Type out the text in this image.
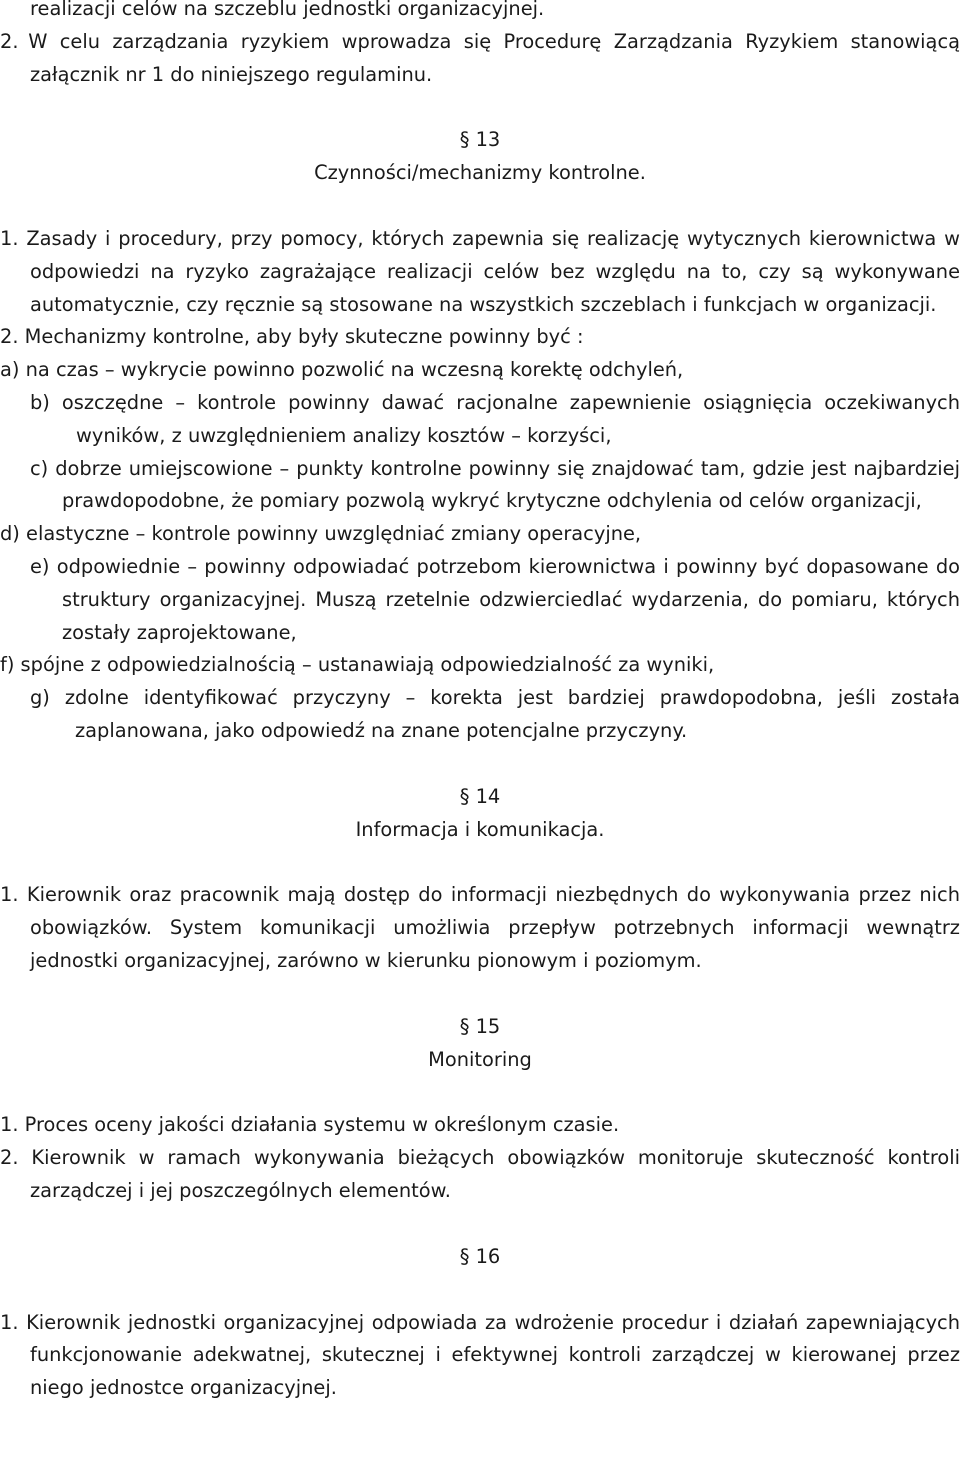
realizacji celów na szczeblu jednostki organizacyjnej.

2. W celu zarządzania ryzykiem wprowadza się Procedurę Zarządzania Ryzykiem stanowiącą załącznik nr 1 do niniejszego regulaminu.

§ 13

Czynności/mechanizmy kontrolne.

1. Zasady i procedury, przy pomocy, których zapewnia się realizację wytycznych kierownictwa w odpowiedzi na ryzyko zagrażające realizacji celów bez względu na to, czy są wykonywane automatycznie, czy ręcznie są stosowane na wszystkich szczeblach i funkcjach w organizacji.

2. Mechanizmy kontrolne, aby były skuteczne powinny być :

a) na czas – wykrycie powinno pozwolić na wczesną korektę odchyleń,

b) oszczędne – kontrole powinny dawać racjonalne zapewnienie osiągnięcia oczekiwanych wyników, z uwzględnieniem analizy kosztów – korzyści,

c) dobrze umiejscowione – punkty kontrolne powinny się znajdować tam, gdzie jest najbardziej prawdopodobne, że pomiary pozwolą wykryć krytyczne odchylenia od celów organizacji,

d) elastyczne – kontrole powinny uwzględniać zmiany operacyjne,

e) odpowiednie – powinny odpowiadać potrzebom kierownictwa i powinny być dopasowane do struktury organizacyjnej. Muszą rzetelnie odzwierciedlać wydarzenia, do pomiaru, których zostały zaprojektowane,

f) spójne z odpowiedzialnością – ustanawiają odpowiedzialność za wyniki,

g) zdolne identyfikować przyczyny – korekta jest bardziej prawdopodobna, jeśli została zaplanowana, jako odpowiedź na znane potencjalne przyczyny.

§ 14

Informacja i komunikacja.

1. Kierownik oraz pracownik mają dostęp do informacji niezbędnych do wykonywania przez nich obowiązków. System komunikacji umożliwia przepływ potrzebnych informacji wewnątrz jednostki organizacyjnej, zarówno w kierunku pionowym i poziomym.

§ 15

Monitoring

1. Proces oceny jakości działania systemu w określonym czasie.

2. Kierownik w ramach wykonywania bieżących obowiązków monitoruje skuteczność kontroli zarządczej i jej poszczególnych elementów.

§ 16

1. Kierownik jednostki organizacyjnej odpowiada za wdrożenie procedur i działań zapewniających funkcjonowanie adekwatnej, skutecznej i efektywnej kontroli zarządczej w kierowanej przez niego jednostce organizacyjnej.
